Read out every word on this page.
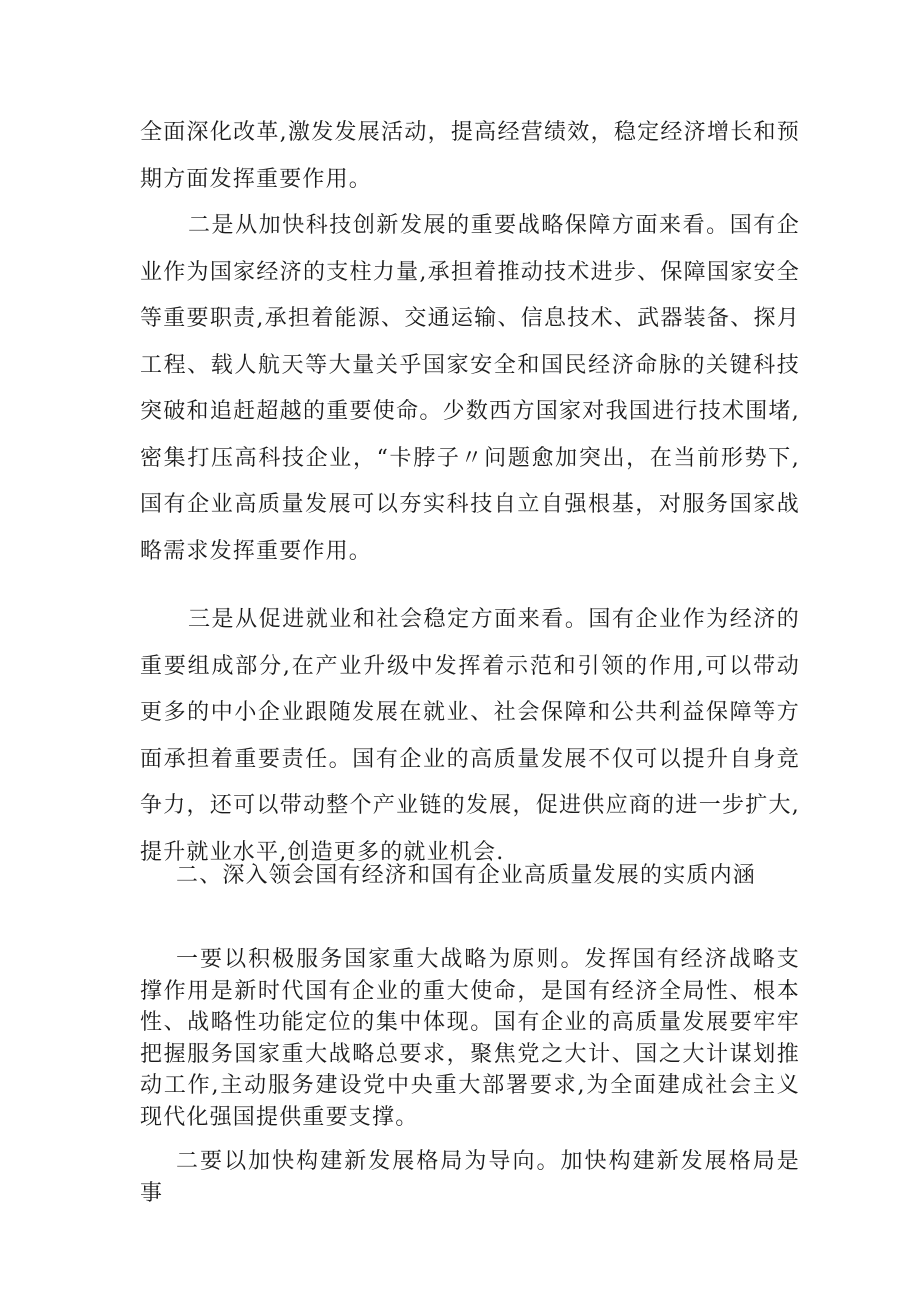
全面深化改革,激发发展活动，提高经营绩效，稳定经济增长和预期方面发挥重要作用。

二是从加快科技创新发展的重要战略保障方面来看。国有企业作为国家经济的支柱力量,承担着推动技术进步、保障国家安全等重要职责,承担着能源、交通运输、信息技术、武器装备、探月工程、载人航天等大量关乎国家安全和国民经济命脉的关键科技突破和追赶超越的重要使命。少数西方国家对我国进行技术围堵,密集打压高科技企业，“卡脖子〃问题愈加突出，在当前形势下,国有企业高质量发展可以夯实科技自立自强根基，对服务国家战略需求发挥重要作用。

三是从促进就业和社会稳定方面来看。国有企业作为经济的重要组成部分,在产业升级中发挥着示范和引领的作用,可以带动更多的中小企业跟随发展在就业、社会保障和公共利益保障等方面承担着重要责任。国有企业的高质量发展不仅可以提升自身竞争力，还可以带动整个产业链的发展，促进供应商的进一步扩大,提升就业水平,创造更多的就业机会.

二、深入领会国有经济和国有企业高质量发展的实质内涵

一要以积极服务国家重大战略为原则。发挥国有经济战略支撑作用是新时代国有企业的重大使命，是国有经济全局性、根本性、战略性功能定位的集中体现。国有企业的高质量发展要牢牢把握服务国家重大战略总要求，聚焦党之大计、国之大计谋划推动工作,主动服务建设党中央重大部署要求,为全面建成社会主义现代化强国提供重要支撑。

二要以加快构建新发展格局为导向。加快构建新发展格局是事
